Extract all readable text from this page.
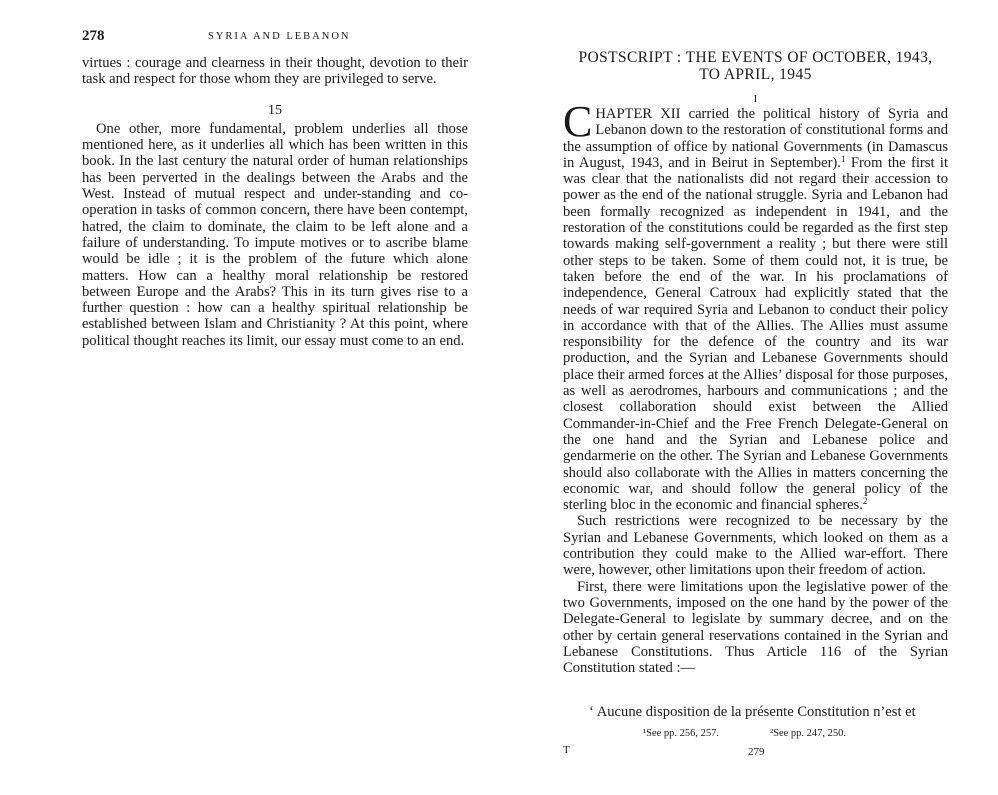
278	SYRIA AND LEBANON

virtues : courage and clearness in their thought, devotion to their task and respect for those whom they are privileged to serve.

15

One other, more fundamental, problem underlies all those mentioned here, as it underlies all which has been written in this book. In the last century the natural order of human relationships has been perverted in the dealings between the Arabs and the West. Instead of mutual respect and under-standing and co-operation in tasks of common concern, there have been contempt, hatred, the claim to dominate, the claim to be left alone and a failure of understanding. To impute motives or to ascribe blame would be idle ; it is the problem of the future which alone matters. How can a healthy moral relationship be restored between Europe and the Arabs? This in its turn gives rise to a further question : how can a healthy spiritual relationship be established between Islam and Christianity ? At this point, where political thought reaches its limit, our essay must come to an end.

POSTSCRIPT : THE EVENTS OF OCTOBER, 1943,
TO APRIL, 1945
I

CHAPTER XII carried the political history of Syria and Lebanon down to the restoration of constitutional forms and the assumption of office by national Governments (in Damascus in August, 1943, and in Beirut in September).$^1$ From the first it was clear that the nationalists did not regard their accession to power as the end of the national struggle. Syria and Lebanon had been formally recognized as independent in 1941, and the restoration of the constitutions could be regarded as the first step towards making self-government a reality ; but there were still other steps to be taken. Some of them could not, it is true, be taken before the end of the war. In his proclamations of independence, General Catroux had explicitly stated that the needs of war required Syria and Lebanon to conduct their policy in accordance with that of the Allies. The Allies must assume responsibility for the defence of the country and its war production, and the Syrian and Lebanese Governments should place their armed forces at the Allies’ disposal for those purposes, as well as aerodromes, harbours and communications ; and the closest collaboration should exist between the Allied Commander-in-Chief and the Free French Delegate-General on the one hand and the Syrian and Lebanese police and gendarmerie on the other. The Syrian and Lebanese Governments should also collaborate with the Allies in matters concerning the economic war, and should follow the general policy of the sterling bloc in the economic and financial spheres.$^2$

Such restrictions were recognized to be necessary by the Syrian and Lebanese Governments, which looked on them as a contribution they could make to the Allied war-effort. There were, however, other limitations upon their freedom of action.

First, there were limitations upon the legislative power of the two Governments, imposed on the one hand by the power of the Delegate-General to legislate by summary decree, and on the other by certain general reservations contained in the Syrian and Lebanese Constitutions. Thus Article 116 of the Syrian Constitution stated :—

‘ Aucune disposition de la présente Constitution n’est et
¹See pp. 256, 257.	²See pp. 247, 250.
T	279
